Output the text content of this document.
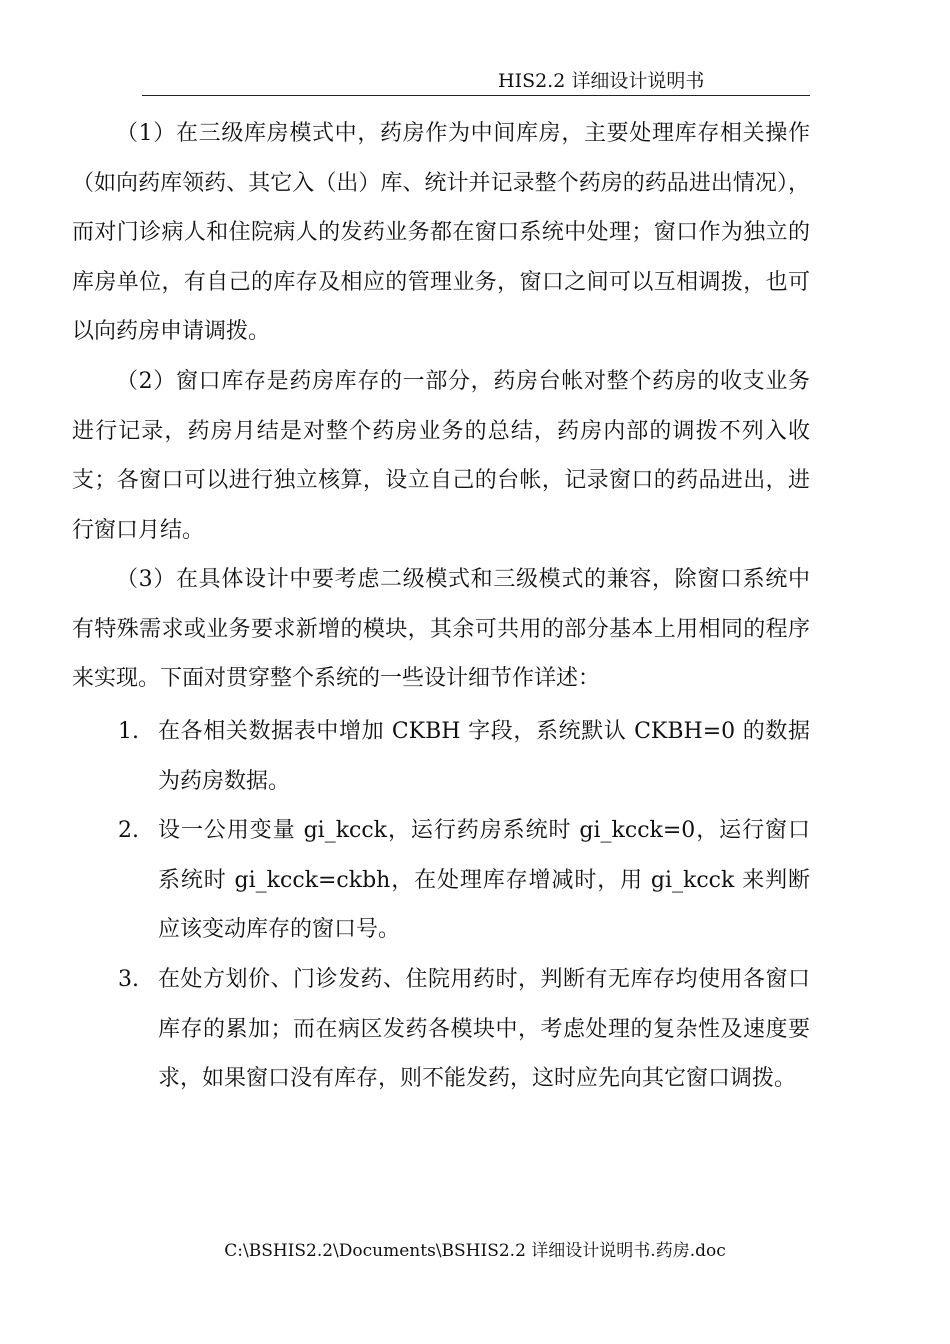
HIS2.2 详细设计说明书

（1）在三级库房模式中，药房作为中间库房，主要处理库存相关操作（如向药库领药、其它入（出）库、统计并记录整个药房的药品进出情况），而对门诊病人和住院病人的发药业务都在窗口系统中处理；窗口作为独立的库房单位，有自己的库存及相应的管理业务，窗口之间可以互相调拨，也可以向药房申请调拨。

（2）窗口库存是药房库存的一部分，药房台帐对整个药房的收支业务进行记录，药房月结是对整个药房业务的总结，药房内部的调拨不列入收支；各窗口可以进行独立核算，设立自己的台帐，记录窗口的药品进出，进行窗口月结。

（3）在具体设计中要考虑二级模式和三级模式的兼容，除窗口系统中有特殊需求或业务要求新增的模块，其余可共用的部分基本上用相同的程序来实现。下面对贯穿整个系统的一些设计细节作详述：

1. 在各相关数据表中增加 CKBH 字段，系统默认 CKBH=0 的数据为药房数据。
2. 设一公用变量 gi_kcck，运行药房系统时 gi_kcck=0，运行窗口系统时 gi_kcck=ckbh，在处理库存增减时，用 gi_kcck 来判断应该变动库存的窗口号。
3. 在处方划价、门诊发药、住院用药时，判断有无库存均使用各窗口库存的累加；而在病区发药各模块中，考虑处理的复杂性及速度要求，如果窗口没有库存，则不能发药，这时应先向其它窗口调拨。
C:\BSHIS2.2\Documents\BSHIS2.2 详细设计说明书.药房.doc
